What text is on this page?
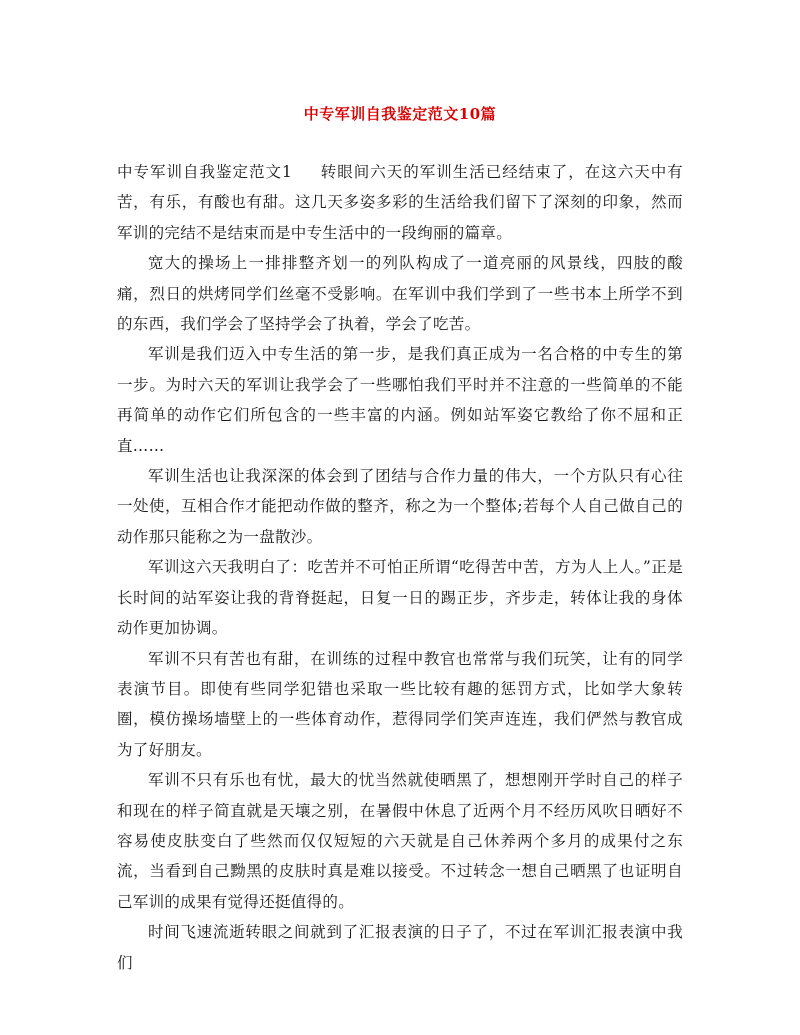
中专军训自我鉴定范文10篇

中专军训自我鉴定范文1 转眼间六天的军训生活已经结束了，在这六天中有苦，有乐，有酸也有甜。这几天多姿多彩的生活给我们留下了深刻的印象，然而军训的完结不是结束而是中专生活中的一段绚丽的篇章。

宽大的操场上一排排整齐划一的列队构成了一道亮丽的风景线，四肢的酸痛，烈日的烘烤同学们丝毫不受影响。在军训中我们学到了一些书本上所学不到的东西，我们学会了坚持学会了执着，学会了吃苦。

军训是我们迈入中专生活的第一步，是我们真正成为一名合格的中专生的第一步。为时六天的军训让我学会了一些哪怕我们平时并不注意的一些简单的不能再简单的动作它们所包含的一些丰富的内涵。例如站军姿它教给了你不屈和正直……

军训生活也让我深深的体会到了团结与合作力量的伟大，一个方队只有心往一处使，互相合作才能把动作做的整齐，称之为一个整体;若每个人自己做自己的动作那只能称之为一盘散沙。

军训这六天我明白了：吃苦并不可怕正所谓“吃得苦中苦，方为人上人。”正是长时间的站军姿让我的背脊挺起，日复一日的踢正步，齐步走，转体让我的身体动作更加协调。

军训不只有苦也有甜，在训练的过程中教官也常常与我们玩笑，让有的同学表演节目。即使有些同学犯错也采取一些比较有趣的惩罚方式，比如学大象转圈，模仿操场墙壁上的一些体育动作，惹得同学们笑声连连，我们俨然与教官成为了好朋友。

军训不只有乐也有忧，最大的忧当然就使晒黑了，想想刚开学时自己的样子和现在的样子简直就是天壤之别，在暑假中休息了近两个月不经历风吹日晒好不容易使皮肤变白了些然而仅仅短短的六天就是自己休养两个多月的成果付之东流，当看到自己黝黑的皮肤时真是难以接受。不过转念一想自己晒黑了也证明自己军训的成果有觉得还挺值得的。

时间飞速流逝转眼之间就到了汇报表演的日子了，不过在军训汇报表演中我们
